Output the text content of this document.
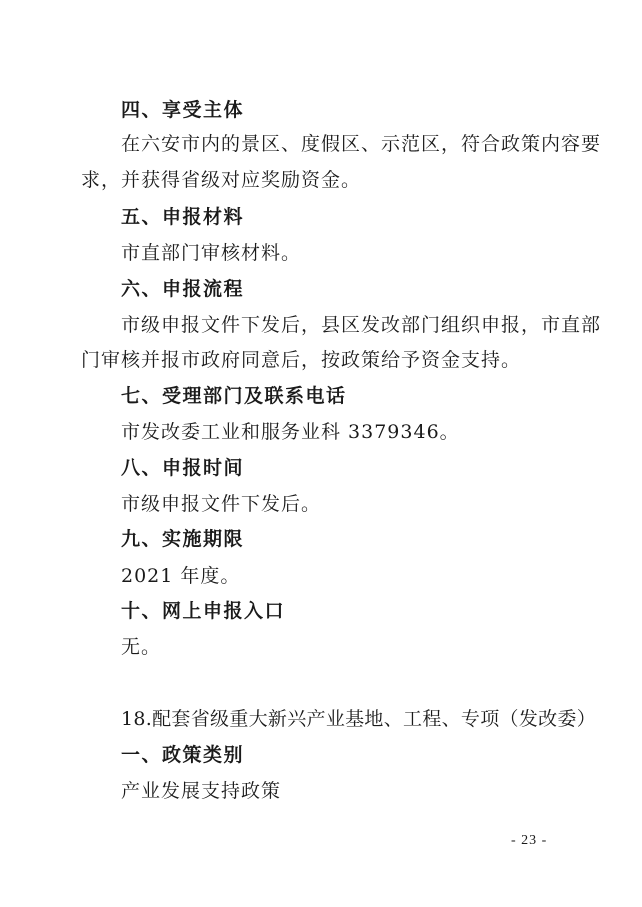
四、享受主体
在六安市内的景区、度假区、示范区，符合政策内容要
求，并获得省级对应奖励资金。
五、申报材料
市直部门审核材料。
六、申报流程
市级申报文件下发后，县区发改部门组织申报，市直部
门审核并报市政府同意后，按政策给予资金支持。
七、受理部门及联系电话
市发改委工业和服务业科 3379346。
八、申报时间
市级申报文件下发后。
九、实施期限
2021 年度。
十、网上申报入口
无。
18.配套省级重大新兴产业基地、工程、专项（发改委）
一、政策类别
产业发展支持政策
- 23 -
